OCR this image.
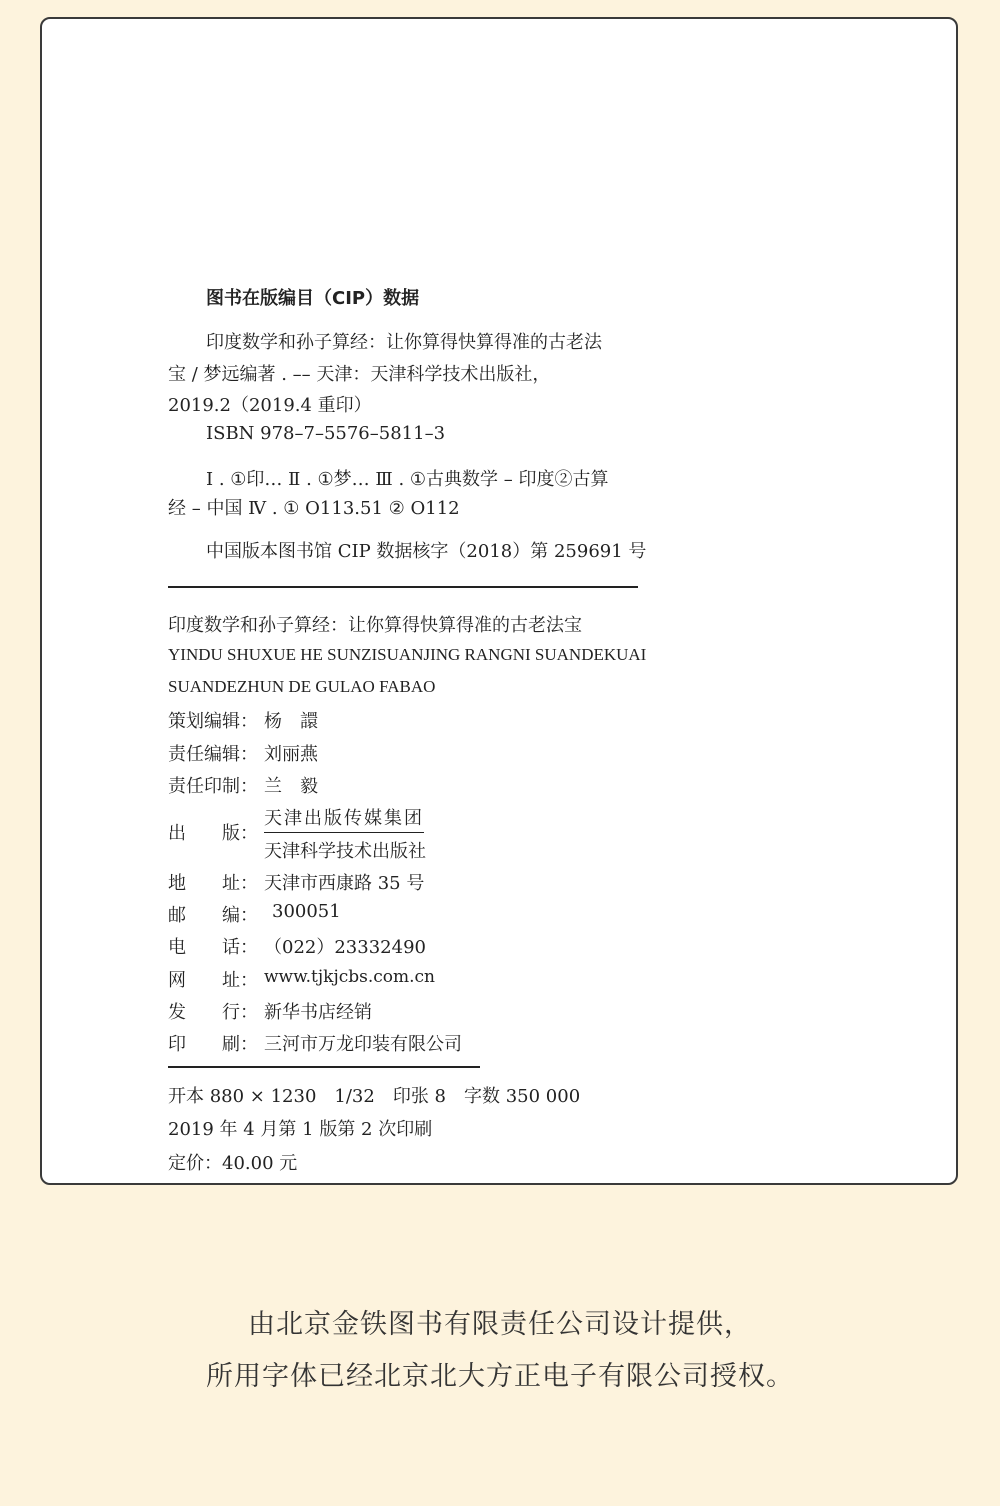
图书在版编目（CIP）数据
印度数学和孙子算经：让你算得快算得准的古老法
宝 / 梦远编著 . –– 天津：天津科学技术出版社，
2019.2（2019.4 重印）
ISBN 978–7–5576–5811–3
Ⅰ . ①印… Ⅱ . ①梦… Ⅲ . ①古典数学 – 印度②古算
经 – 中国 Ⅳ . ① O113.51 ② O112
中国版本图书馆 CIP 数据核字（2018）第 259691 号
印度数学和孙子算经：让你算得快算得准的古老法宝
YINDU SHUXUE HE SUNZISUANJING RANGNI SUANDEKUAI
SUANDEZHUN DE GULAO FABAO
策划编辑： 杨　譞
责任编辑： 刘丽燕
责任印制： 兰　毅
出　　版：
天津出版传媒集团
天津科学技术出版社
地　　址： 天津市西康路 35 号
邮　　编： 300051
电　　话： （022）23332490
网　　址： www.tjkjcbs.com.cn
发　　行： 新华书店经销
印　　刷： 三河市万龙印装有限公司
开本 880 × 1230　1/32　印张 8　字数 350 000
2019 年 4 月第 1 版第 2 次印刷
定价：40.00 元
由北京金铁图书有限责任公司设计提供，
所用字体已经北京北大方正电子有限公司授权。
